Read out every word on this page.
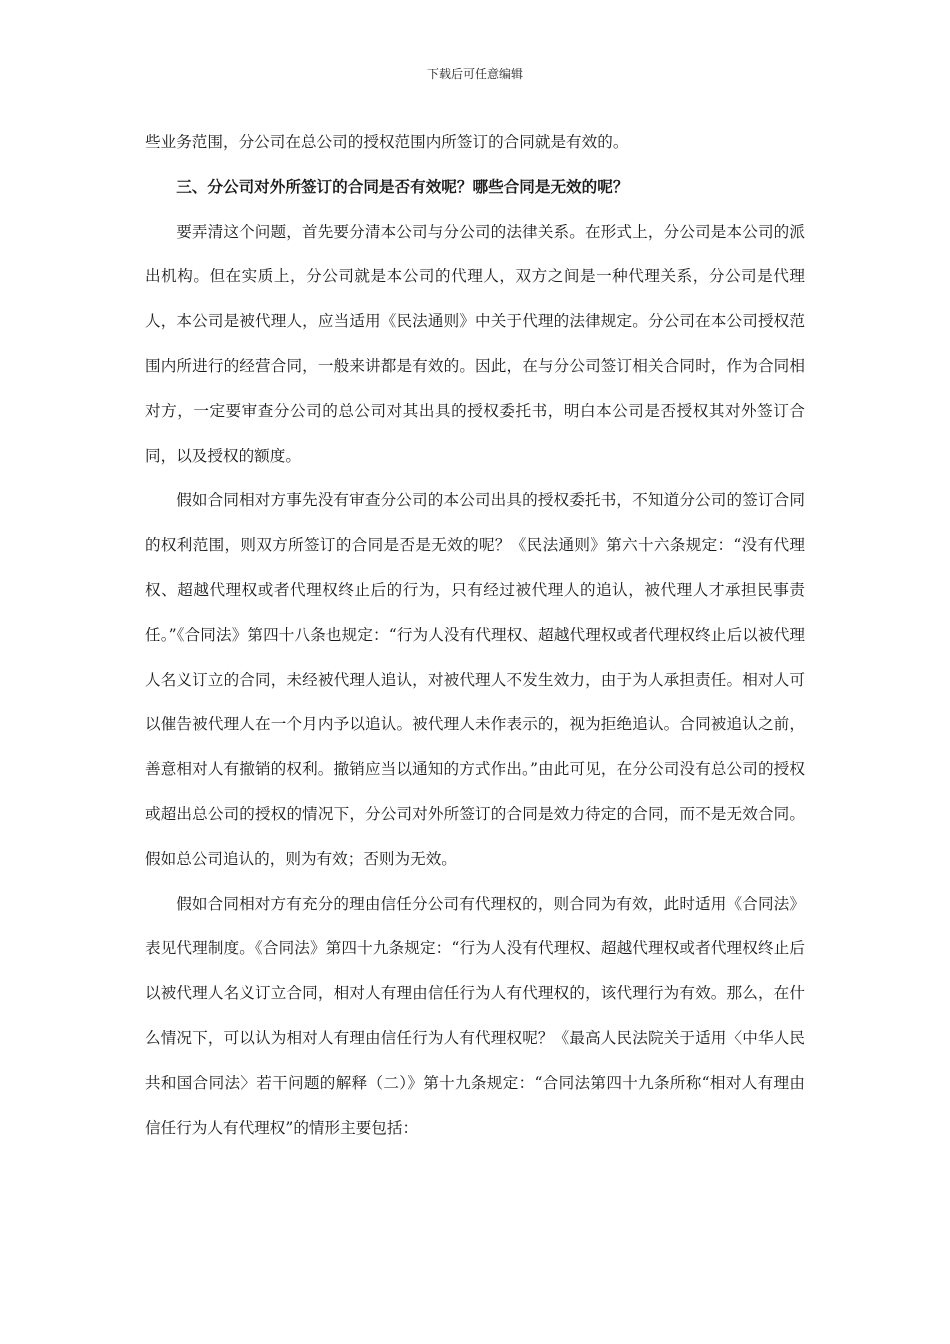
下载后可任意编辑

些业务范围，分公司在总公司的授权范围内所签订的合同就是有效的。

三、分公司对外所签订的合同是否有效呢？哪些合同是无效的呢？

要弄清这个问题，首先要分清本公司与分公司的法律关系。在形式上，分公司是本公司的派出机构。但在实质上，分公司就是本公司的代理人，双方之间是一种代理关系，分公司是代理人，本公司是被代理人，应当适用《民法通则》中关于代理的法律规定。分公司在本公司授权范围内所进行的经营合同，一般来讲都是有效的。因此，在与分公司签订相关合同时，作为合同相对方，一定要审查分公司的总公司对其出具的授权委托书，明白本公司是否授权其对外签订合同，以及授权的额度。

假如合同相对方事先没有审查分公司的本公司出具的授权委托书，不知道分公司的签订合同的权利范围，则双方所签订的合同是否是无效的呢？《民法通则》第六十六条规定：“没有代理权、超越代理权或者代理权终止后的行为，只有经过被代理人的追认，被代理人才承担民事责任。”《合同法》第四十八条也规定：“行为人没有代理权、超越代理权或者代理权终止后以被代理人名义订立的合同，未经被代理人追认，对被代理人不发生效力，由于为人承担责任。相对人可以催告被代理人在一个月内予以追认。被代理人未作表示的，视为拒绝追认。合同被追认之前，善意相对人有撤销的权利。撤销应当以通知的方式作出。”由此可见，在分公司没有总公司的授权或超出总公司的授权的情况下，分公司对外所签订的合同是效力待定的合同，而不是无效合同。假如总公司追认的，则为有效；否则为无效。

假如合同相对方有充分的理由信任分公司有代理权的，则合同为有效，此时适用《合同法》表见代理制度。《合同法》第四十九条规定：“行为人没有代理权、超越代理权或者代理权终止后以被代理人名义订立合同，相对人有理由信任行为人有代理权的，该代理行为有效。那么，在什么情况下，可以认为相对人有理由信任行为人有代理权呢？《最高人民法院关于适用〈中华人民共和国合同法〉若干问题的解释（二）》第十九条规定：“合同法第四十九条所称“相对人有理由信任行为人有代理权”的情形主要包括：
